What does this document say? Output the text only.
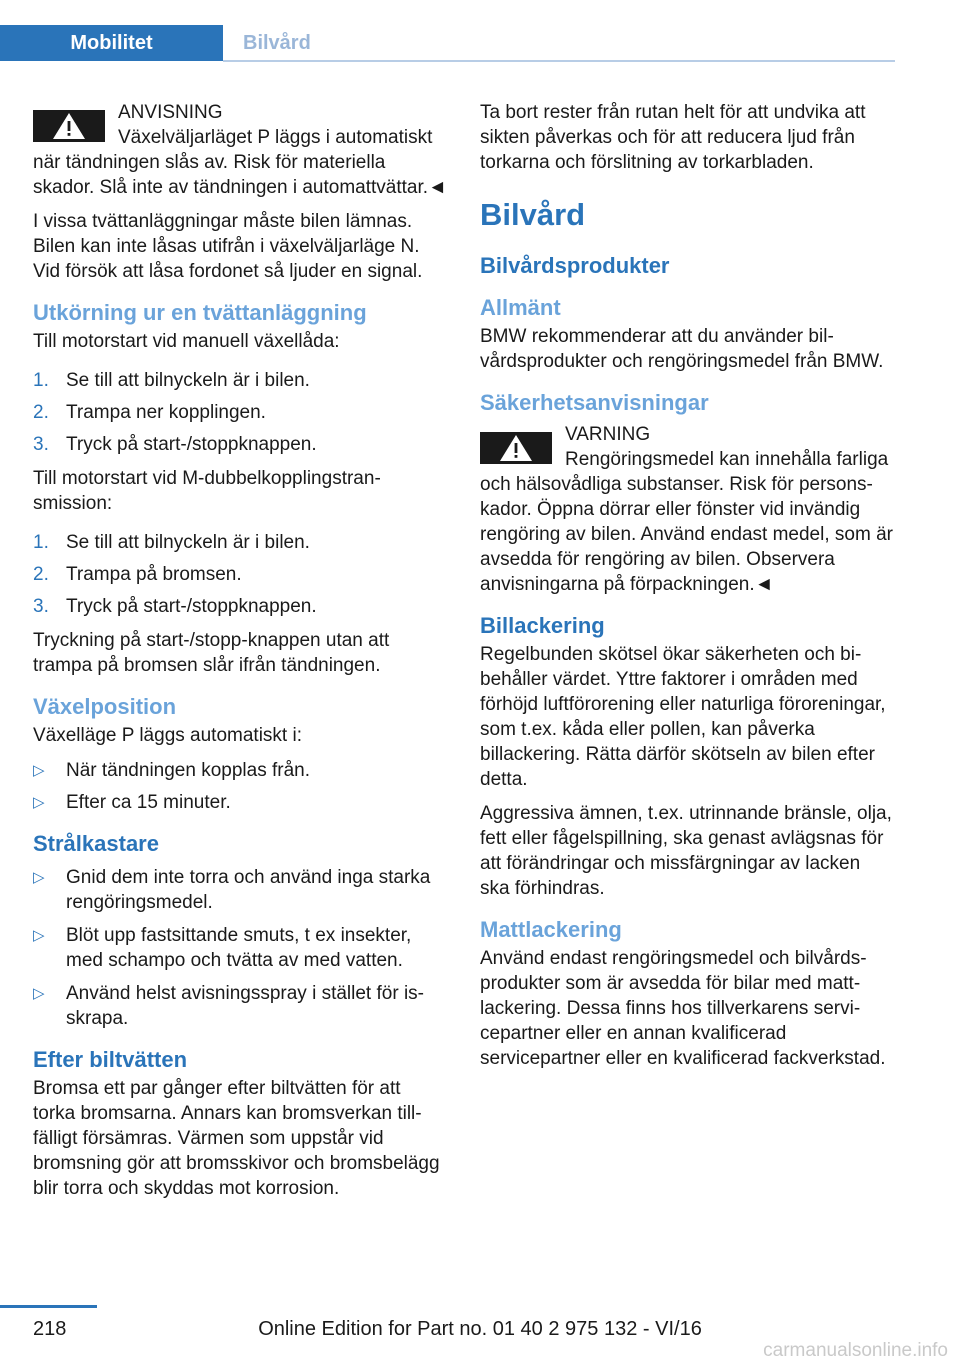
Mobilitet	Bilvård
ANVISNING
Växelväljarläget P läggs i automatiskt
när tändningen slås av. Risk för materiella skador. Slå inte av tändningen i automattvättar.◄

I vissa tvättanläggningar måste bilen lämnas. Bilen kan inte låsas utifrån i växelväljarläge N. Vid försök att låsa fordonet så ljuder en signal.

Utkörning ur en tvättanläggning

Till motorstart vid manuell växellåda:

1. Se till att bilnyckeln är i bilen.
2. Trampa ner kopplingen.
3. Tryck på start-/stoppknappen.

Till motorstart vid M-dubbelkopplingstransmission:

1. Se till att bilnyckeln är i bilen.
2. Trampa på bromsen.
3. Tryck på start-/stoppknappen.

Tryckning på start-/stopp-knappen utan att trampa på bromsen slår ifrån tändningen.

Växelposition

Växelläge P läggs automatiskt i:

▷ När tändningen kopplas från.
▷ Efter ca 15 minuter.
Strålkastare
▷ Gnid dem inte torra och använd inga starka rengöringsmedel.
▷ Blöt upp fastsittande smuts, t ex insekter, med schampo och tvätta av med vatten.
▷ Använd helst avisningsspray i stället för isskrapa.
Efter biltvätten

Bromsa ett par gånger efter biltvätten för att torka bromsarna. Annars kan bromsverkan tillfälligt försämras. Värmen som uppstår vid bromsning gör att bromsskivor och bromsbelägg blir torra och skyddas mot korrosion.

Ta bort rester från rutan helt för att undvika att sikten påverkas och för att reducera ljud från torkarna och förslitning av torkarbladen.

Bilvård
Bilvårdsprodukter
Allmänt

BMW rekommenderar att du använder bilvårdsprodukter och rengöringsmedel från BMW.

Säkerhetsanvisningar
VARNING
Rengöringsmedel kan innehålla farliga
och hälsovådliga substanser. Risk för personskador. Öppna dörrar eller fönster vid invändig rengöring av bilen. Använd endast medel, som är avsedda för rengöring av bilen. Observera anvisningarna på förpackningen.◄
Billackering

Regelbunden skötsel ökar säkerheten och bibehåller värdet. Yttre faktorer i områden med förhöjd luftförorening eller naturliga föroreningar, som t.ex. kåda eller pollen, kan påverka billackering. Rätta därför skötseln av bilen efter detta.

Aggressiva ämnen, t.ex. utrinnande bränsle, olja, fett eller fågelspillning, ska genast avlägsnas för att förändringar och missfärgningar av lacken ska förhindras.

Mattlackering

Använd endast rengöringsmedel och bilvårdsprodukter som är avsedda för bilar med mattlackering. Dessa finns hos tillverkarens servicepartner eller en annan kvalificerad servicepartner eller en kvalificerad fackverkstad.

218	Online Edition for Part no. 01 40 2 975 132 - VI/16
carmanualsonline.info
